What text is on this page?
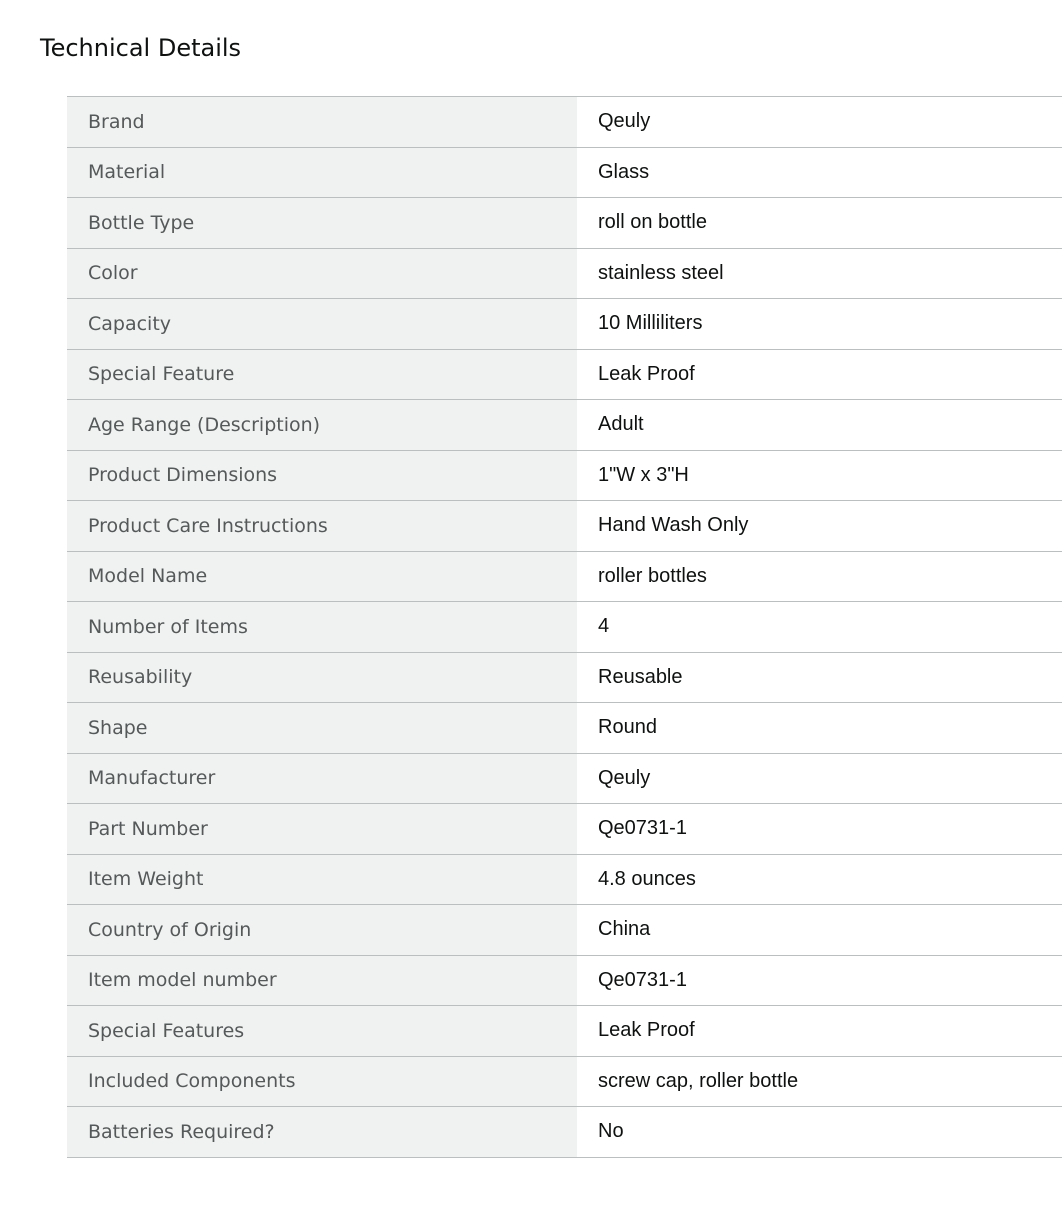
Technical Details
Brand	Qeuly
Material	Glass
Bottle Type	roll on bottle
Color	stainless steel
Capacity	10 Milliliters
Special Feature	Leak Proof
Age Range (Description)	Adult
Product Dimensions	1"W x 3"H
Product Care Instructions	Hand Wash Only
Model Name	roller bottles
Number of Items	4
Reusability	Reusable
Shape	Round
Manufacturer	Qeuly
Part Number	Qe0731-1
Item Weight	4.8 ounces
Country of Origin	China
Item model number	Qe0731-1
Special Features	Leak Proof
Included Components	screw cap, roller bottle
Batteries Required?	No
